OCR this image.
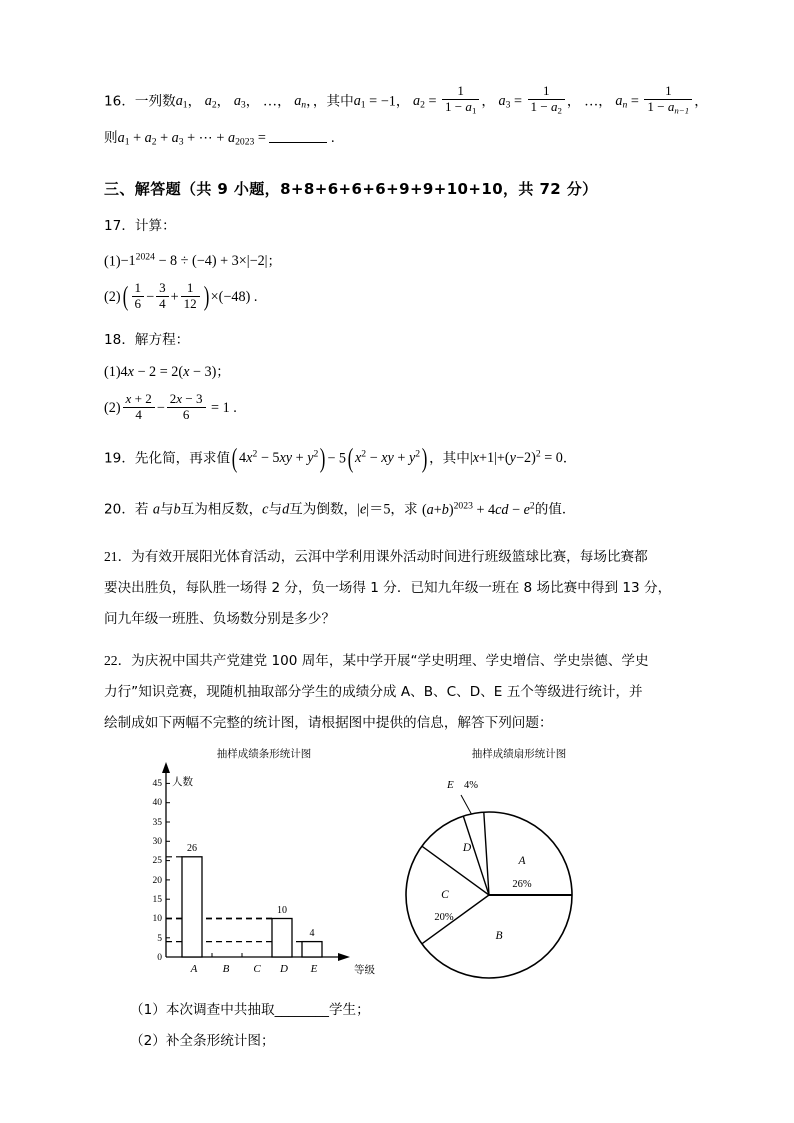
16．一列数a1， a2， a3， …， $a_n$，，其中a1 = −1， $a2 = \frac{1}{1 - a1}$ ， $a3 = \frac{1}{1 - a2}$ ， …， $a_n = \frac{1}{1 - a_{n-1}}$ ，
则a1 + a2 + a3 + ⋯ + a2023 =	.
三、解答题（共 9 小题，8+8+6+6+6+9+9+10+10，共 72 分）
17．计算：
$(1)-1^{2024} - 8 \div (-4) + 3\times|-2|$；
$(2)( \frac{1}{6} - \frac{3}{4} + \frac{1}{12}$ ) ×(−48) .
18．解方程：
(1)4x − 2 = 2(x − 3)；
$(2) \frac{x + 2}{4} - \frac{2x - 3}{6} = 1$ .
19．先化简，再求值( $4x^2 - 5xy + y^2) - 5$( $x^2$ − xy + $y^2$) ，其中$|x+1|+(y-2)^2 = 0$．
20．若 a与b互为相反数，c与d互为倒数，|e|＝5，求 $(a+b)^{2023} + 4cd - e^2$的值．
21．为有效开展阳光体育活动，云洱中学利用课外活动时间进行班级篮球比赛，每场比赛都
要决出胜负，每队胜一场得 2 分，负一场得 1 分．已知九年级一班在 8 场比赛中得到 13 分，
问九年级一班胜、负场数分别是多少？
22．为庆祝中国共产党建党 100 周年，某中学开展“学史明理、学史增信、学史崇德、学史
力行”知识竞赛，现随机抽取部分学生的成绩分成 A、B、C、D、E 五个等级进行统计，并
绘制成如下两幅不完整的统计图，请根据图中提供的信息，解答下列问题：
抽样成绩条形统计图
人数
0
5
10
15
20
25
30
35
40
45
26
10
4
A B C D E	等级
抽样成绩扇形统计图
E 4%
A
26%
B
C
20%
D
（1）本次调查中共抽取________学生；
（2）补全条形统计图；
